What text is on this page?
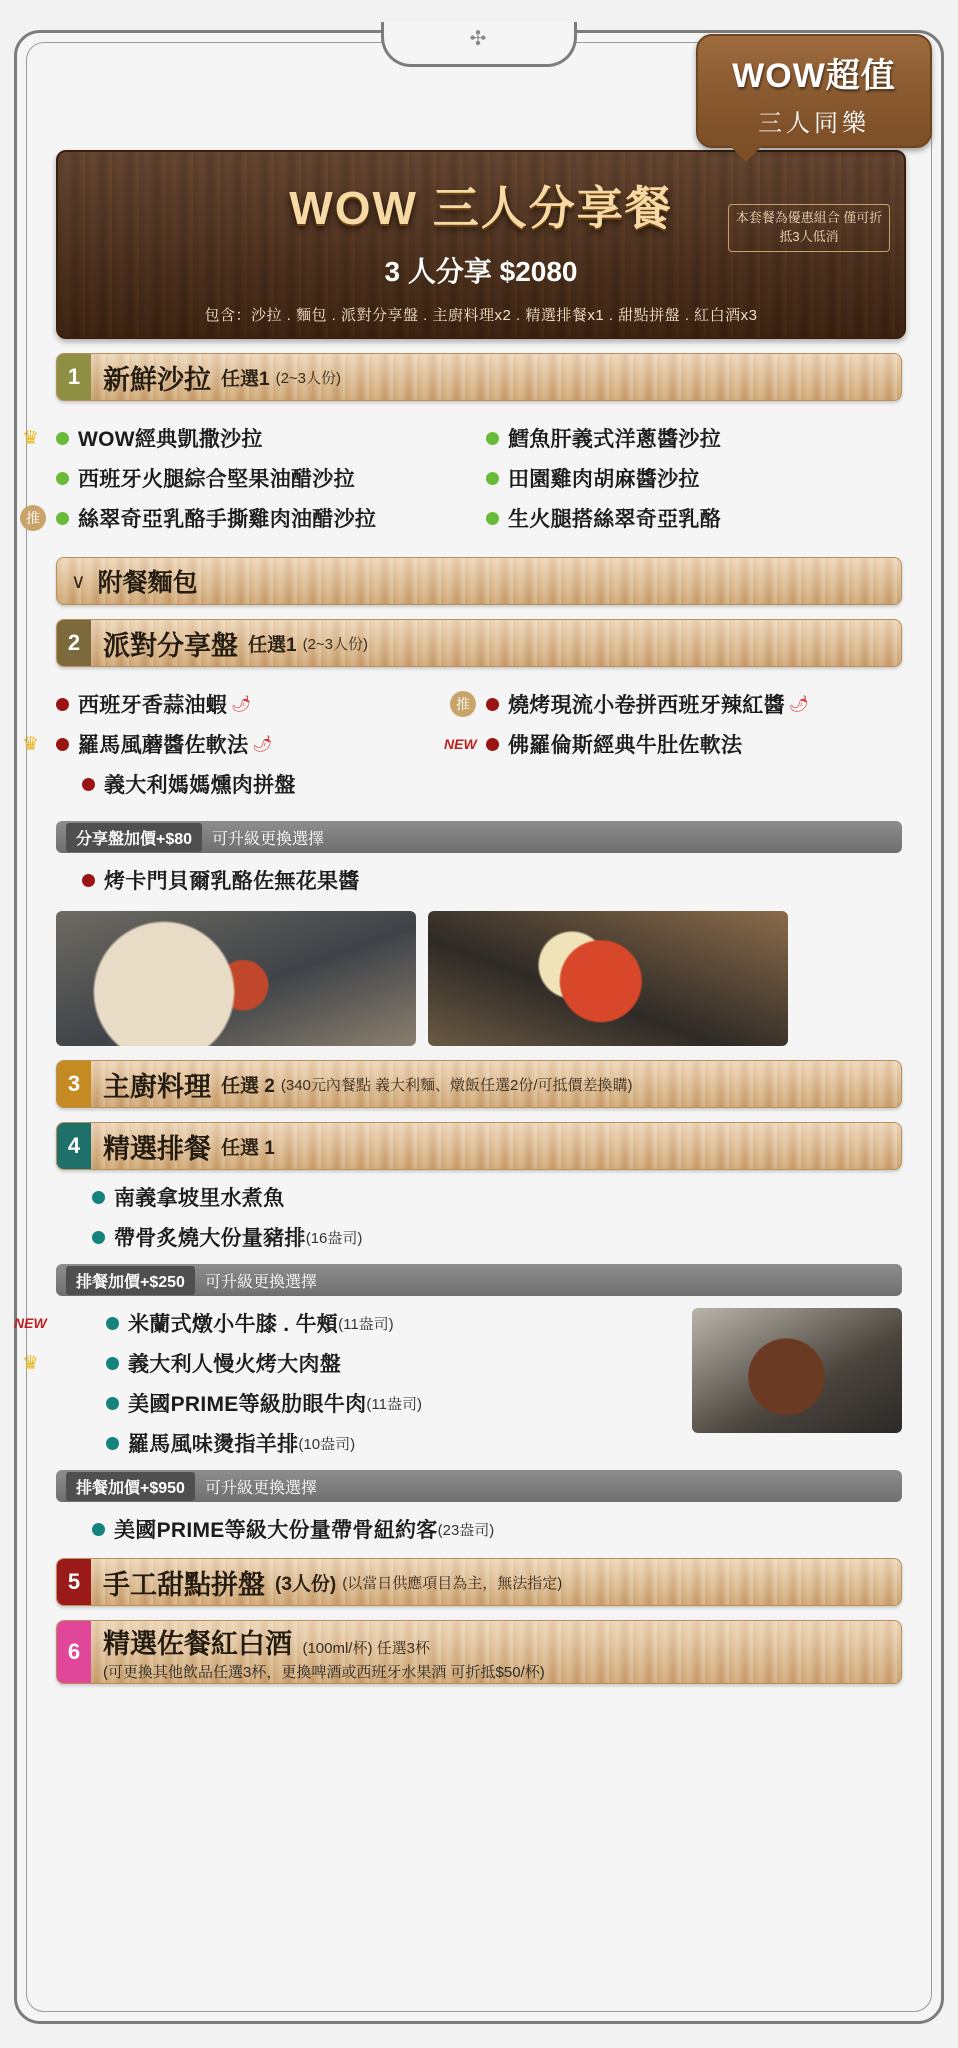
✣
WOW超值
三人同樂
WOW 三人分享餐
3 人分享 $2080
包含：沙拉 . 麵包 . 派對分享盤 . 主廚料理x2 . 精選排餐x1 . 甜點拼盤 . 紅白酒x3
本套餐為優惠組合 僅可折抵3人低消
1 新鮮沙拉 任選1 (2~3人份)
♛ WOW經典凱撒沙拉
西班牙火腿綜合堅果油醋沙拉
推 絲翠奇亞乳酪手撕雞肉油醋沙拉
鱈魚肝義式洋蔥醬沙拉
田園雞肉胡麻醬沙拉
生火腿搭絲翠奇亞乳酪
∨ 附餐麵包
2 派對分享盤 任選1 (2~3人份)
西班牙香蒜油蝦 🌶
♛ 羅馬風蘑醬佐軟法 🌶
義大利媽媽燻肉拼盤
推 燒烤現流小卷拼西班牙辣紅醬 🌶
NEW 佛羅倫斯經典牛肚佐軟法
分享盤加價+$80	可升級更換選擇
烤卡門貝爾乳酪佐無花果醬
3 主廚料理 任選 2 (340元內餐點 義大利麵、燉飯任選2份/可抵價差換購)
4 精選排餐 任選 1
南義拿坡里水煮魚
帶骨炙燒大份量豬排 (16盎司)
排餐加價+$250	可升級更換選擇
NEW	米蘭式燉小牛膝 . 牛頰 (11盎司)
♛	義大利人慢火烤大肉盤
美國PRIME等級肋眼牛肉 (11盎司)
羅馬風味燙指羊排 (10盎司)
排餐加價+$950	可升級更換選擇
美國PRIME等級大份量帶骨紐約客 (23盎司)
5 手工甜點拼盤 (3人份) (以當日供應項目為主，無法指定)
6 精選佐餐紅白酒 (100ml/杯) 任選3杯
(可更換其他飲品任選3杯，更換啤酒或西班牙水果酒 可折抵$50/杯)
